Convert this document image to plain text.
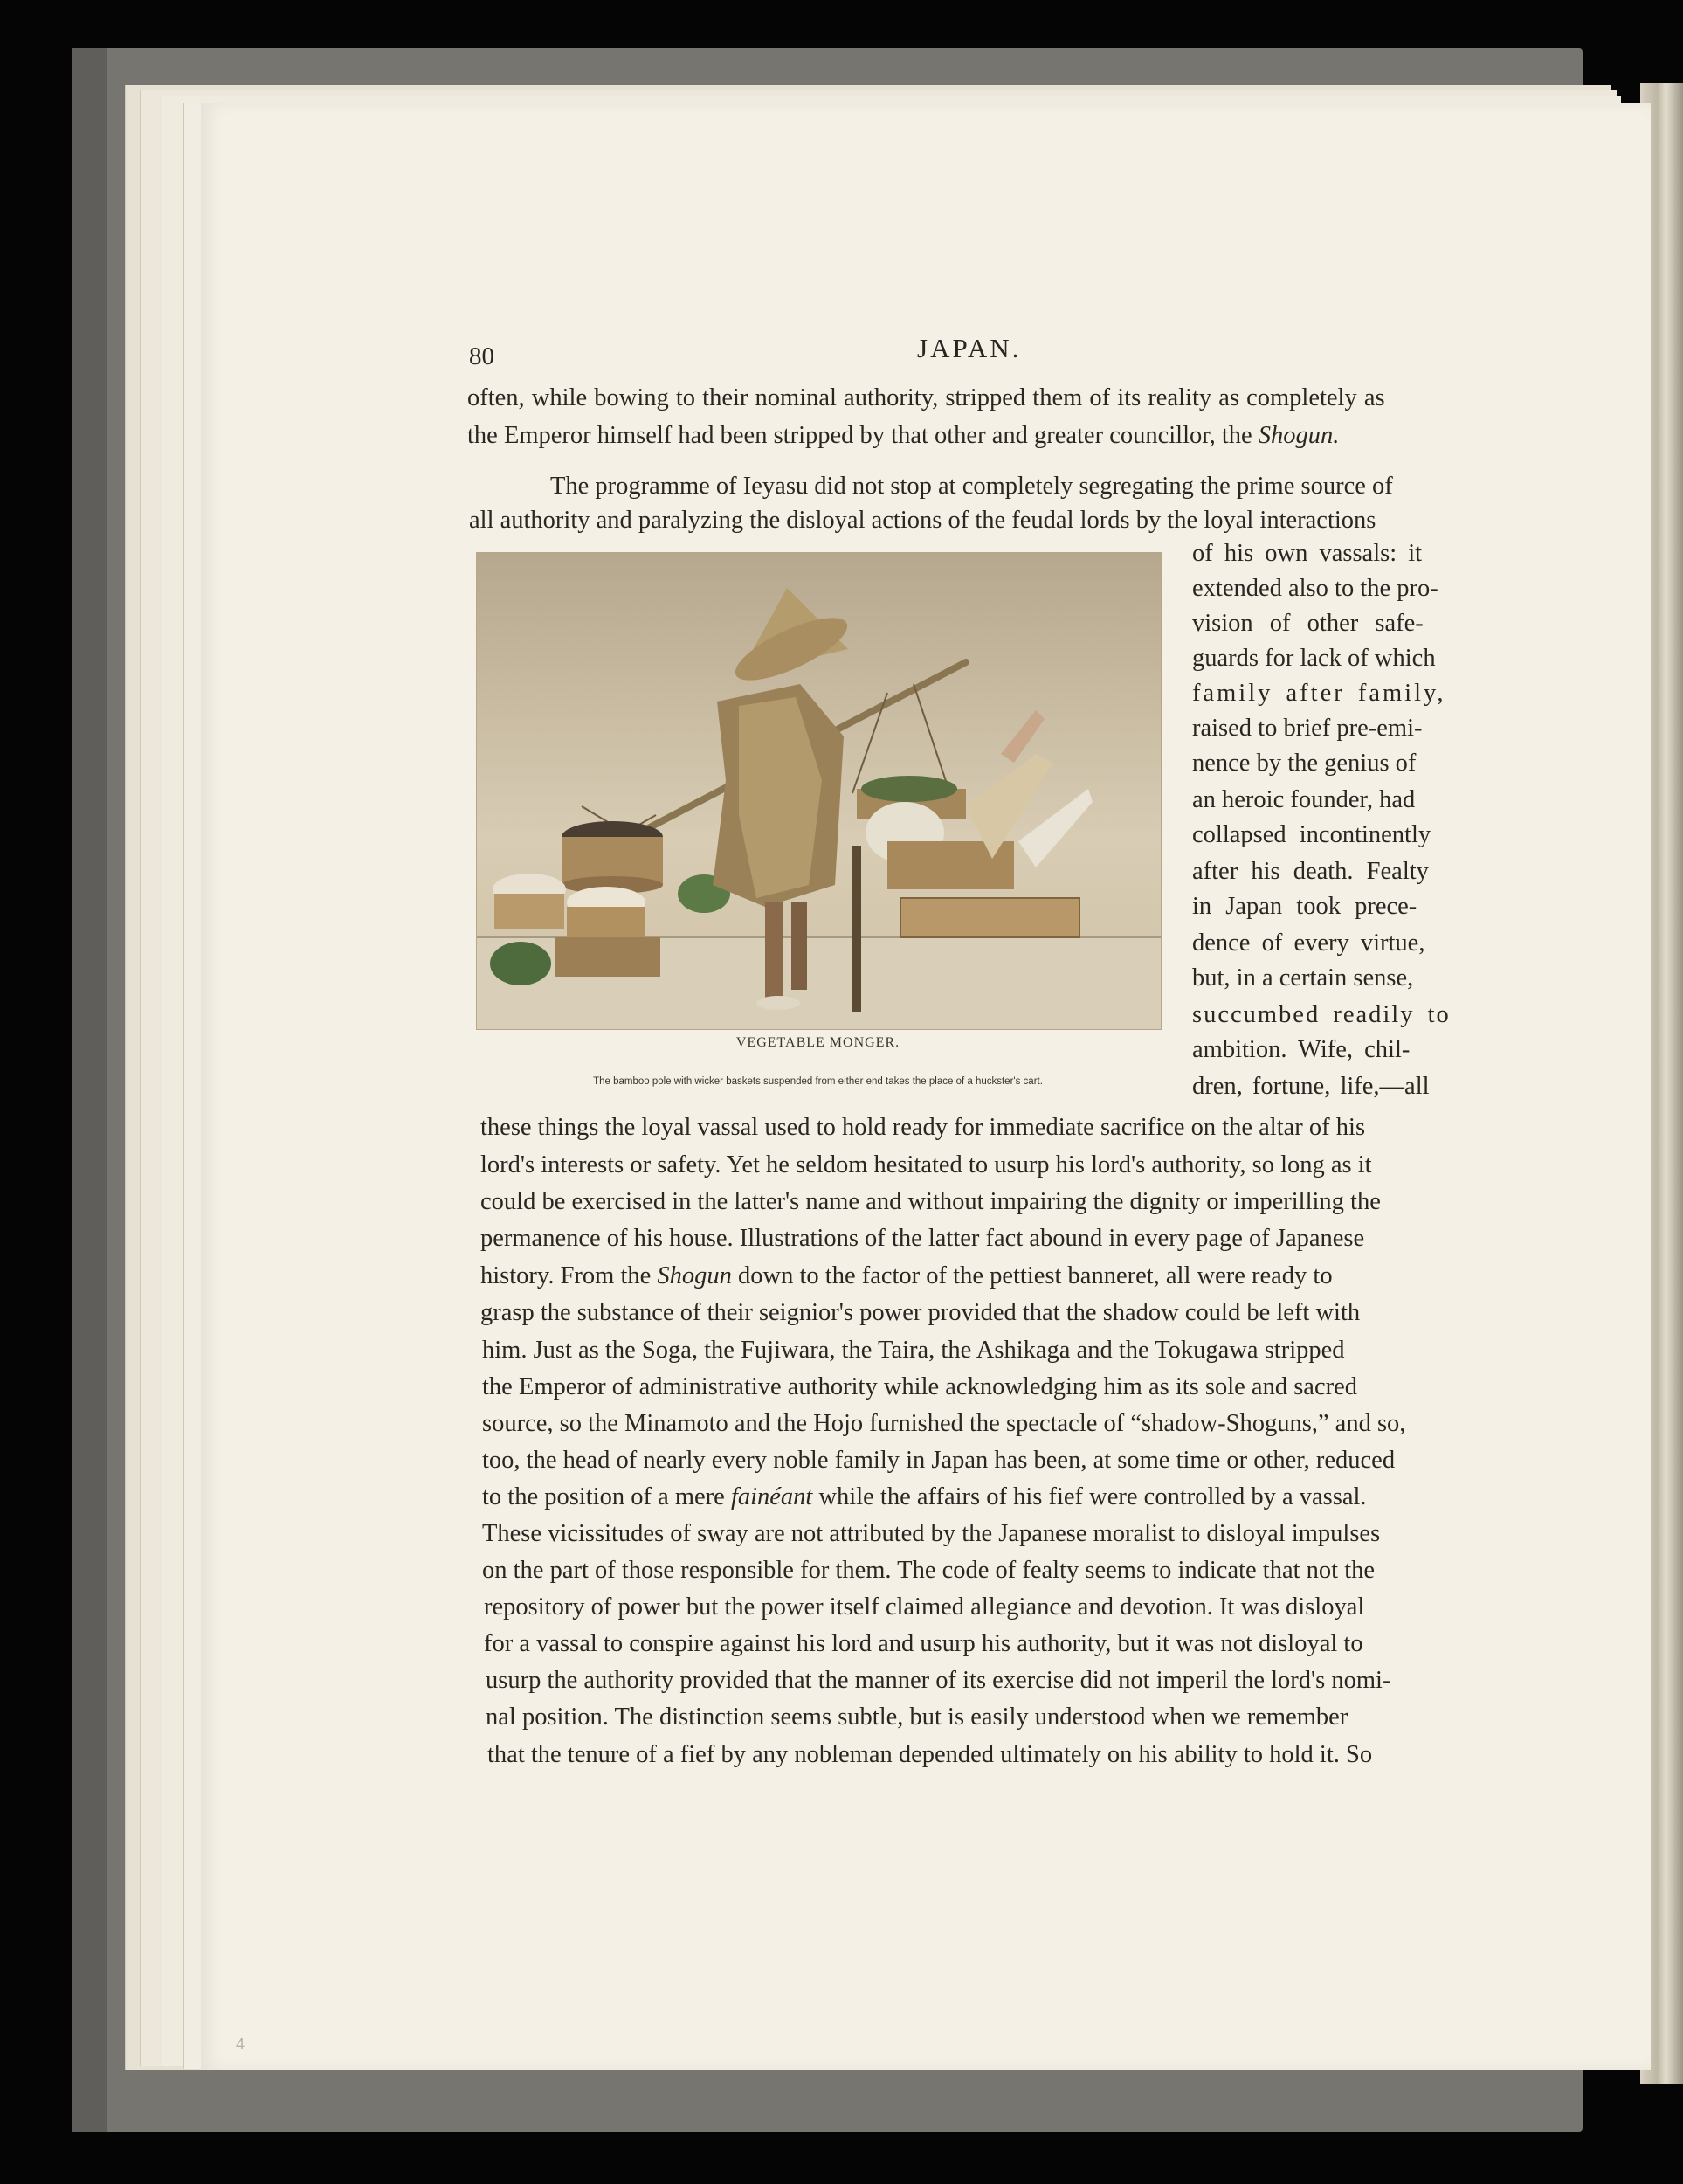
80	JAPAN.
often, while bowing to their nominal authority, stripped them of its reality as completely as
the Emperor himself had been stripped by that other and greater councillor, the Shogun.
The programme of Ieyasu did not stop at completely segregating the prime source of
all authority and paralyzing the disloyal actions of the feudal lords by the loyal interactions
VEGETABLE MONGER.
The bamboo pole with wicker baskets suspended from either end takes the place of a huckster's cart.
of his own vassals: it
extended also to the pro-
vision of other safe-
guards for lack of which
family after family,
raised to brief pre-emi-
nence by the genius of
an heroic founder, had
collapsed incontinently
after his death. Fealty
in Japan took prece-
dence of every virtue,
but, in a certain sense,
succumbed readily to
ambition. Wife, chil-
dren, fortune, life,—all
these things the loyal vassal used to hold ready for immediate sacrifice on the altar of his
lord's interests or safety. Yet he seldom hesitated to usurp his lord's authority, so long as it
could be exercised in the latter's name and without impairing the dignity or imperilling the
permanence of his house. Illustrations of the latter fact abound in every page of Japanese
history. From the Shogun down to the factor of the pettiest banneret, all were ready to
grasp the substance of their seignior's power provided that the shadow could be left with
him. Just as the Soga, the Fujiwara, the Taira, the Ashikaga and the Tokugawa stripped
the Emperor of administrative authority while acknowledging him as its sole and sacred
source, so the Minamoto and the Hojo furnished the spectacle of “shadow-Shoguns,” and so,
too, the head of nearly every noble family in Japan has been, at some time or other, reduced
to the position of a mere fainéant while the affairs of his fief were controlled by a vassal.
These vicissitudes of sway are not attributed by the Japanese moralist to disloyal impulses
on the part of those responsible for them. The code of fealty seems to indicate that not the
repository of power but the power itself claimed allegiance and devotion. It was disloyal
for a vassal to conspire against his lord and usurp his authority, but it was not disloyal to
usurp the authority provided that the manner of its exercise did not imperil the lord's nomi-
nal position. The distinction seems subtle, but is easily understood when we remember
that the tenure of a fief by any nobleman depended ultimately on his ability to hold it. So
4
